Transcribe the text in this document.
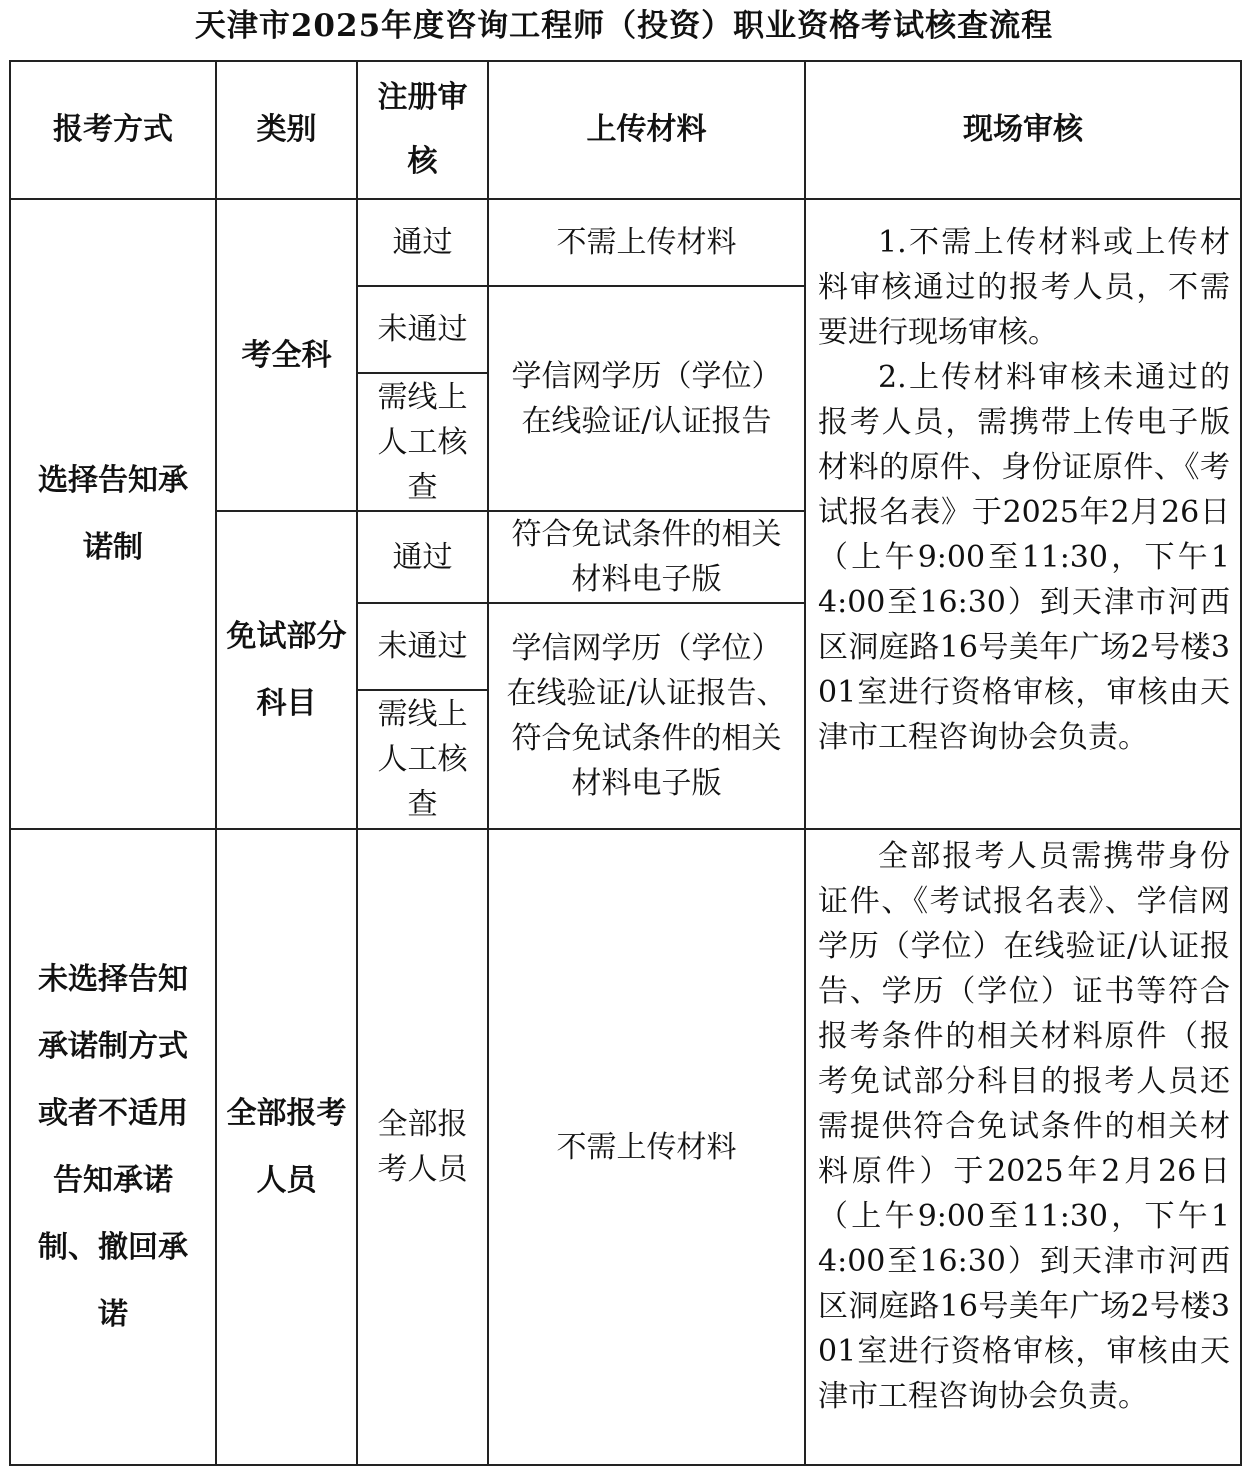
天津市2025年度咨询工程师（投资）职业资格考试核查流程
报考方式	类别	注册审核	上传材料	现场审核
选择告知承诺制	考全科	通过	不需上传材料	1.不需上传材料或上传材料审核通过的报考人员，不需要进行现场审核。

2.上传材料审核未通过的报考人员，需携带上传电子版材料的原件、身份证原件、《考试报名表》于2025年2月26日（上午9:00至11:30，下午14:00至16:30）到天津市河西区洞庭路16号美年广场2号楼301室进行资格审核，审核由天津市工程咨询协会负责。

		未通过	学信网学历（学位）在线验证/认证报告	
		需线上人工核查		
	免试部分科目	通过	符合免试条件的相关材料电子版	
		未通过	学信网学历（学位）在线验证/认证报告、符合免试条件的相关材料电子版	
		需线上人工核查		
未选择告知承诺制方式或者不适用告知承诺制、撤回承诺	全部报考人员	全部报考人员	不需上传材料	全部报考人员需携带身份证件、《考试报名表》、学信网学历（学位）在线验证/认证报告、学历（学位）证书等符合报考条件的相关材料原件（报考免试部分科目的报考人员还需提供符合免试条件的相关材料原件）于2025年2月26日（上午9:00至11:30，下午14:00至16:30）到天津市河西区洞庭路16号美年广场2号楼301室进行资格审核，审核由天津市工程咨询协会负责。
